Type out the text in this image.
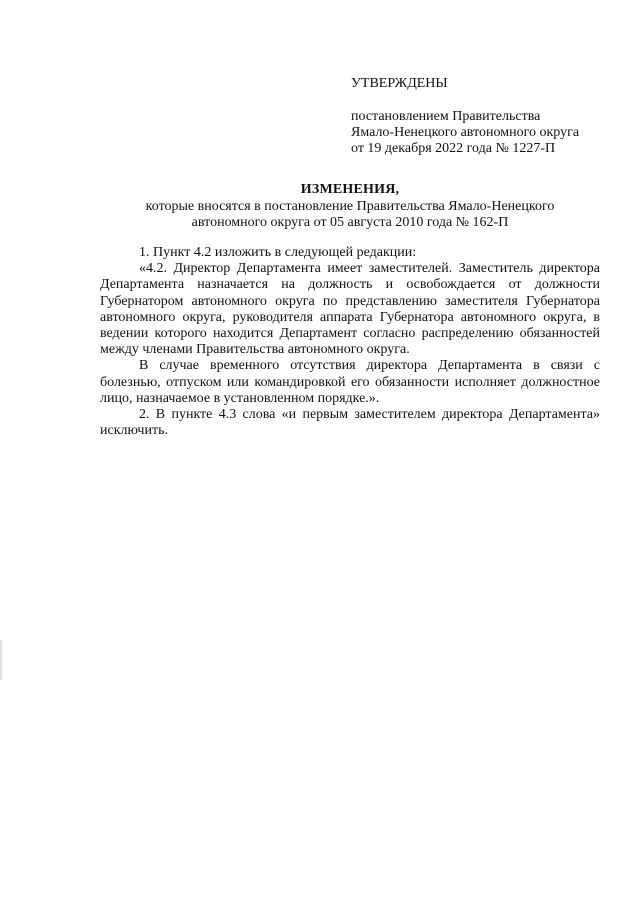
УТВЕРЖДЕНЫ
постановлением Правительства
Ямало-Ненецкого автономного округа
от 19 декабря 2022 года № 1227-П
ИЗМЕНЕНИЯ,
которые вносятся в постановление Правительства Ямало-Ненецкого
автономного округа от 05 августа 2010 года № 162-П

1. Пункт 4.2 изложить в следующей редакции:

«4.2. Директор Департамента имеет заместителей. Заместитель директора Департамента назначается на должность и освобождается от должности Губернатором автономного округа по представлению заместителя Губернатора автономного округа, руководителя аппарата Губернатора автономного округа, в ведении которого находится Департамент согласно распределению обязанностей между членами Правительства автономного округа.

В случае временного отсутствия директора Департамента в связи с болезнью, отпуском или командировкой его обязанности исполняет должностное лицо, назначаемое в установленном порядке.».

2. В пункте 4.3 слова «и первым заместителем директора Департамента» исключить.
